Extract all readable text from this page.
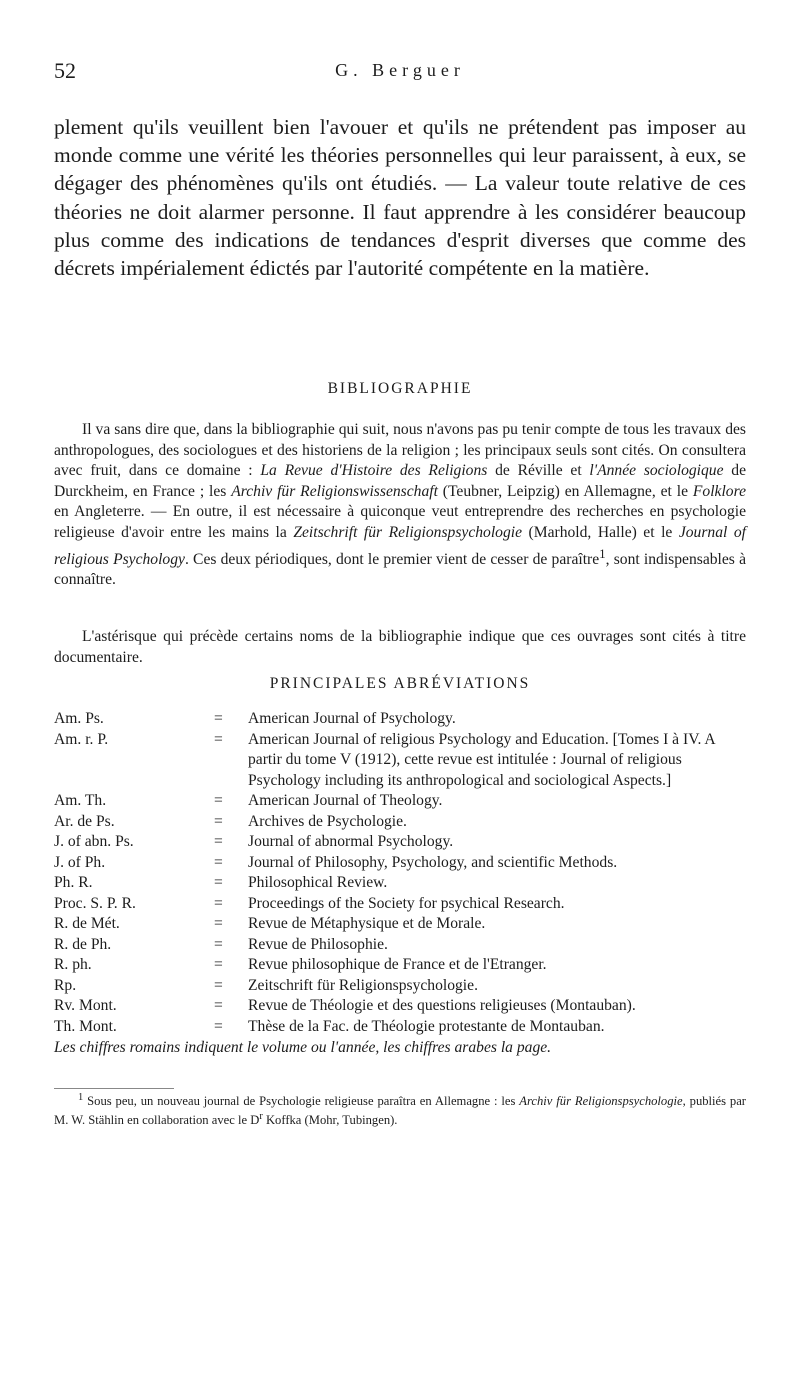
52	G. Berguer
plement qu'ils veuillent bien l'avouer et qu'ils ne prétendent pas imposer au monde comme une vérité les théories personnelles qui leur paraissent, à eux, se dégager des phénomènes qu'ils ont étudiés. — La valeur toute relative de ces théories ne doit alarmer personne. Il faut apprendre à les considérer beaucoup plus comme des indications de tendances d'esprit diverses que comme des décrets impérialement édictés par l'autorité compétente en la matière.
BIBLIOGRAPHIE
Il va sans dire que, dans la bibliographie qui suit, nous n'avons pas pu tenir compte de tous les travaux des anthropologues, des sociologues et des historiens de la religion ; les principaux seuls sont cités. On consultera avec fruit, dans ce domaine : La Revue d'Histoire des Religions de Réville et l'Année sociologique de Durckheim, en France ; les Archiv für Religionswissenschaft (Teubner, Leipzig) en Allemagne, et le Folklore en Angleterre. — En outre, il est nécessaire à quiconque veut entreprendre des recherches en psychologie religieuse d'avoir entre les mains la Zeitschrift für Religionspsychologie (Marhold, Halle) et le Journal of religious Psychology. Ces deux périodiques, dont le premier vient de cesser de paraître$^1$, sont indispensables à connaître.
L'astérisque qui précède certains noms de la bibliographie indique que ces ouvrages sont cités à titre documentaire.
PRINCIPALES ABRÉVIATIONS
Am. Ps.	=	American Journal of Psychology.
Am. r. P.	=	American Journal of religious Psychology and Education. [Tomes I à IV. A partir du tome V (1912), cette revue est intitulée : Journal of religious Psychology including its anthropological and sociological Aspects.]
Am. Th.	=	American Journal of Theology.
Ar. de Ps.	=	Archives de Psychologie.
J. of abn. Ps.	=	Journal of abnormal Psychology.
J. of Ph.	=	Journal of Philosophy, Psychology, and scientific Methods.
Ph. R.	=	Philosophical Review.
Proc. S. P. R.	=	Proceedings of the Society for psychical Research.
R. de Mét.	=	Revue de Métaphysique et de Morale.
R. de Ph.	=	Revue de Philosophie.
R. ph.	=	Revue philosophique de France et de l'Etranger.
Rp.	=	Zeitschrift für Religionspsychologie.
Rv. Mont.	=	Revue de Théologie et des questions religieuses (Montauban).
Th. Mont.	=	Thèse de la Fac. de Théologie protestante de Montauban.
Les chiffres romains indiquent le volume ou l'année, les chiffres arabes la page.
$^1$ Sous peu, un nouveau journal de Psychologie religieuse paraîtra en Allemagne : les Archiv für Religionspsychologie, publiés par M. W. Stählin en collaboration avec le $D^r$ Koffka (Mohr, Tubingen).
